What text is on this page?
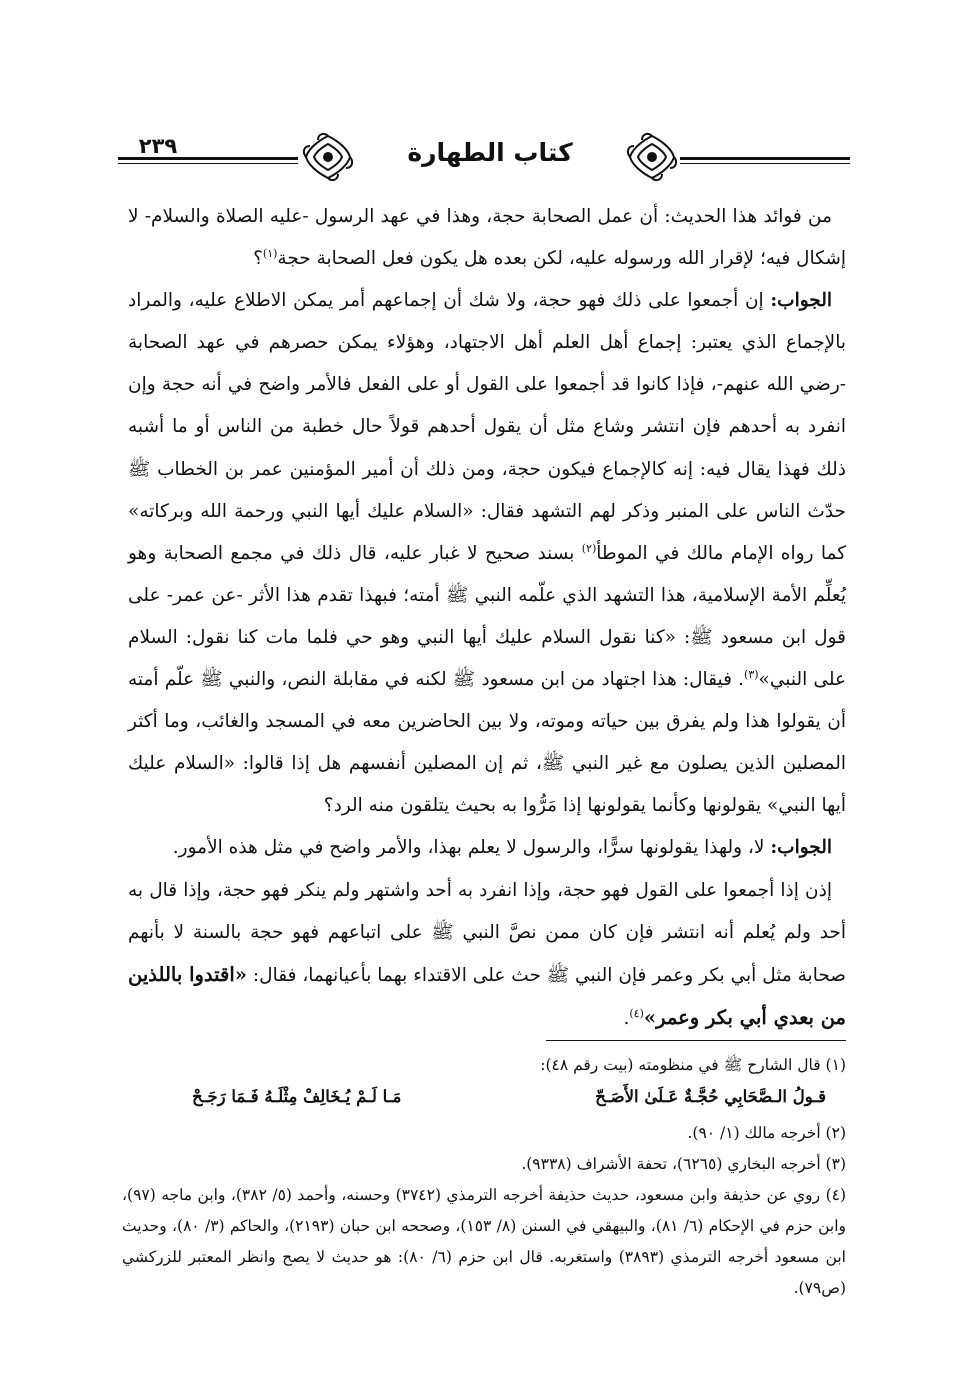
كتاب الطهارة
٢٣٩

من فوائد هذا الحديث: أن عمل الصحابة حجة، وهذا في عهد الرسول -عليه الصلاة والسلام- لا إشكال فيه؛ لإقرار الله ورسوله عليه، لكن بعده هل يكون فعل الصحابة حجة$^{(١)}$؟

الجواب: إن أجمعوا على ذلك فهو حجة، ولا شك أن إجماعهم أمر يمكن الاطلاع عليه، والمراد بالإجماع الذي يعتبر: إجماع أهل العلم أهل الاجتهاد، وهؤلاء يمكن حصرهم في عهد الصحابة -رضي الله عنهم-، فإذا كانوا قد أجمعوا على القول أو على الفعل فالأمر واضح في أنه حجة وإن انفرد به أحدهم فإن انتشر وشاع مثل أن يقول أحدهم قولاً حال خطبة من الناس أو ما أشبه ذلك فهذا يقال فيه: إنه كالإجماع فيكون حجة، ومن ذلك أن أمير المؤمنين عمر بن الخطاب ﷺ حدّث الناس على المنبر وذكر لهم التشهد فقال: «السلام عليك أيها النبي ورحمة الله وبركاته» كما رواه الإمام مالك في الموطأ$^{(٢)}$ بسند صحيح لا غبار عليه، قال ذلك في مجمع الصحابة وهو يُعلِّم الأمة الإسلامية، هذا التشهد الذي علّمه النبي ﷺ أمته؛ فبهذا تقدم هذا الأثر -عن عمر- على قول ابن مسعود ﷺ: «كنا نقول السلام عليك أيها النبي وهو حي فلما مات كنا نقول: السلام على النبي»$^{(٣)}$. فيقال: هذا اجتهاد من ابن مسعود ﷺ لكنه في مقابلة النص، والنبي ﷺ علّم أمته أن يقولوا هذا ولم يفرق بين حياته وموته، ولا بين الحاضرين معه في المسجد والغائب، وما أكثر المصلين الذين يصلون مع غير النبي ﷺ، ثم إن المصلين أنفسهم هل إذا قالوا: «السلام عليك أيها النبي» يقولونها وكأنما يقولونها إذا مَرُّوا به بحيث يتلقون منه الرد؟

الجواب: لا، ولهذا يقولونها سرًّا، والرسول لا يعلم بهذا، والأمر واضح في مثل هذه الأمور.

إذن إذا أجمعوا على القول فهو حجة، وإذا انفرد به أحد واشتهر ولم ينكر فهو حجة، وإذا قال به أحد ولم يُعلم أنه انتشر فإن كان ممن نصَّ النبي ﷺ على اتباعهم فهو حجة بالسنة لا بأنهم صحابة مثل أبي بكر وعمر فإن النبي ﷺ حث على الاقتداء بهما بأعيانهما، فقال: «اقتدوا باللذين من بعدي أبي بكر وعمر»$^{(٤)}$.

(١) قال الشارح ﷺ في منظومته (بيت رقم ٤٨):

قـولُ الـصَّحَابِي حُجَّـةٌ عَـلَىٰ الأَصَـحّ
مَـا لَـمْ يُـخَالِفْ مِثْلَـهُ فَـمَا رَجَـحْ

(٢) أخرجه مالك (١/ ٩٠).

(٣) أخرجه البخاري (٦٢٦٥)، تحفة الأشراف (٩٣٣٨).

(٤) روي عن حذيفة وابن مسعود، حديث حذيفة أخرجه الترمذي (٣٧٤٢) وحسنه، وأحمد (٥/ ٣٨٢)، وابن ماجه (٩٧)، وابن حزم في الإحكام (٦/ ٨١)، والبيهقي في السنن (٨/ ١٥٣)، وصححه ابن حبان (٢١٩٣)، والحاكم (٣/ ٨٠)، وحديث ابن مسعود أخرجه الترمذي (٣٨٩٣) واستغربه. قال ابن حزم (٦/ ٨٠): هو حديث لا يصح وانظر المعتبر للزركشي (ص٧٩).
